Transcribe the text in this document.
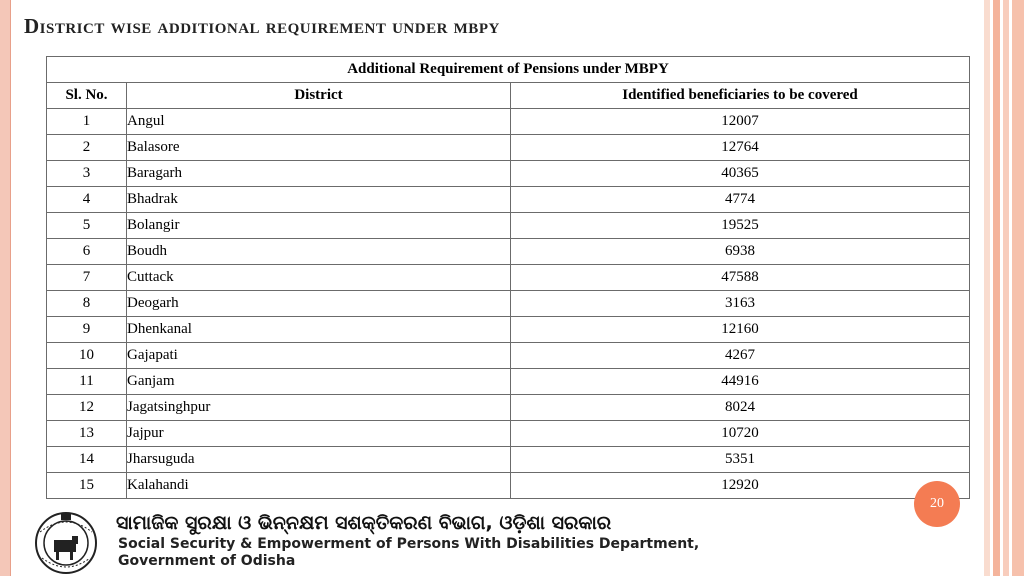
District wise additional requirement under mbpy
Additional Requirement of Pensions under MBPY		
Sl. No.	District	Identified beneficiaries to be covered
1	Angul	12007
2	Balasore	12764
3	Baragarh	40365
4	Bhadrak	4774
5	Bolangir	19525
6	Boudh	6938
7	Cuttack	47588
8	Deogarh	3163
9	Dhenkanal	12160
10	Gajapati	4267
11	Ganjam	44916
12	Jagatsinghpur	8024
13	Jajpur	10720
14	Jharsuguda	5351
15	Kalahandi	12920
20
ସାମାଜିକ ସୁରକ୍ଷା ଓ ଭିନ୍ନକ୍ଷମ ସଶକ୍ତିକରଣ ବିଭାଗ, ଓଡ଼ିଶା ସରକାର
Social Security & Empowerment of Persons With Disabilities Department,
Government of Odisha
